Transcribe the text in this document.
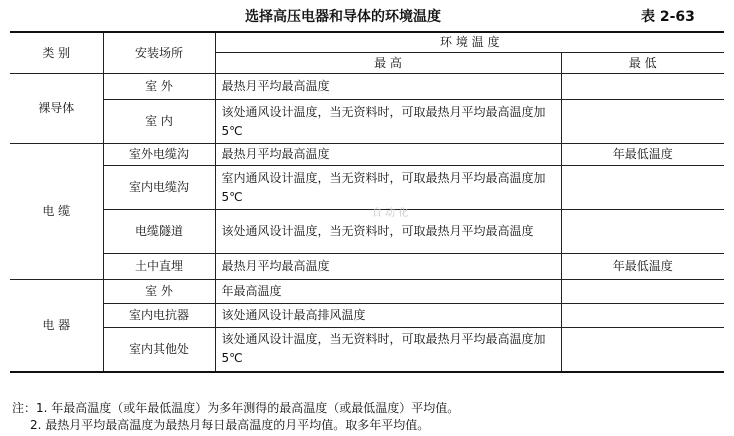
选择高压电器和导体的环境温度	表 2-63
类 别	安装场所	环 境 温 度	
		最 高	最 低
裸导体	室 外	最热月平均最高温度	
	室 内	该处通风设计温度，当无资料时，可取最热月平均最高温度加 5℃	
电 缆	室外电缆沟	最热月平均最高温度	年最低温度
	室内电缆沟	室内通风设计温度，当无资料时，可取最热月平均最高温度加 5℃	
	电缆隧道	该处通风设计温度，当无资料时，可取最热月平均最高温度	
	土中直埋	最热月平均最高温度	年最低温度
电 器	室 外	年最高温度	
	室内电抗器	该处通风设计最高排风温度	
	室内其他处	该处通风设计温度，当无资料时，可取最热月平均最高温度加 5℃	
自 动 化
注：1. 年最高温度（或年最低温度）为多年测得的最高温度（或最低温度）平均值。
2. 最热月平均最高温度为最热月每日最高温度的月平均值。取多年平均值。
